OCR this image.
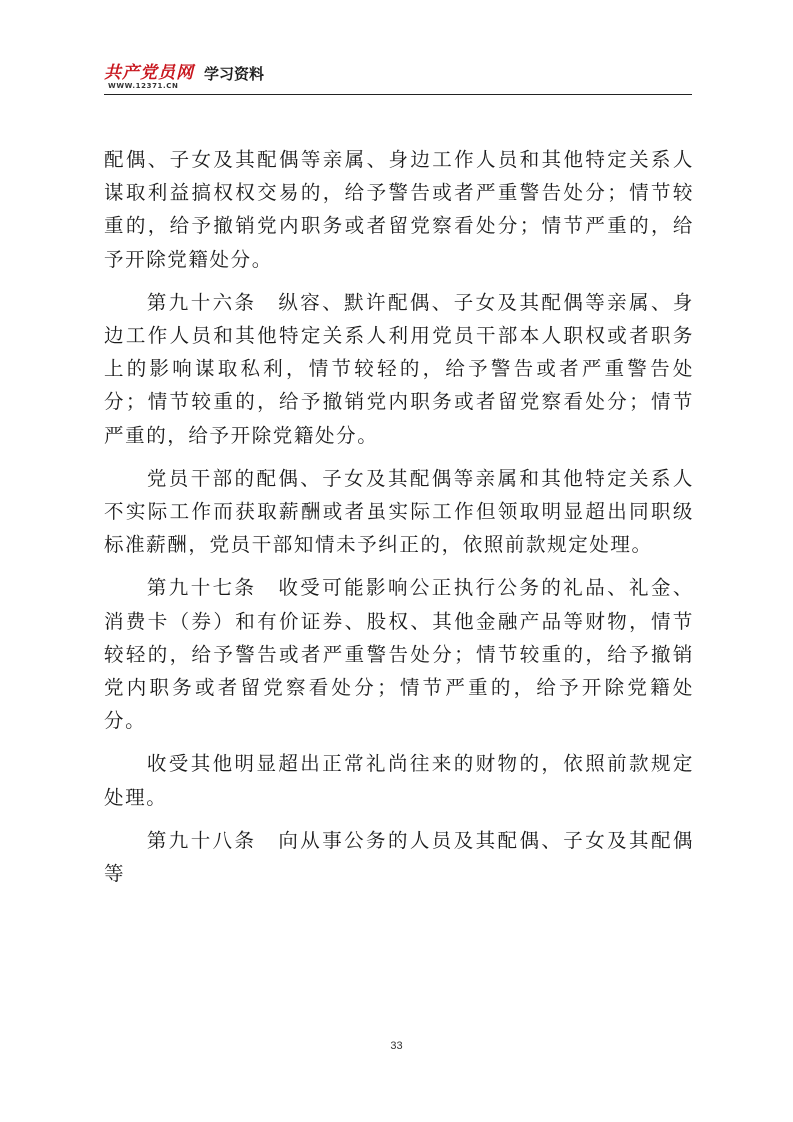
共产党员网
WWW.12371.CN
学习资料

配偶、子女及其配偶等亲属、身边工作人员和其他特定关系人谋取利益搞权权交易的，给予警告或者严重警告处分；情节较重的，给予撤销党内职务或者留党察看处分；情节严重的，给予开除党籍处分。

第九十六条　纵容、默许配偶、子女及其配偶等亲属、身边工作人员和其他特定关系人利用党员干部本人职权或者职务上的影响谋取私利，情节较轻的，给予警告或者严重警告处分；情节较重的，给予撤销党内职务或者留党察看处分；情节严重的，给予开除党籍处分。

党员干部的配偶、子女及其配偶等亲属和其他特定关系人不实际工作而获取薪酬或者虽实际工作但领取明显超出同职级标准薪酬，党员干部知情未予纠正的，依照前款规定处理。

第九十七条　收受可能影响公正执行公务的礼品、礼金、消费卡（券）和有价证券、股权、其他金融产品等财物，情节较轻的，给予警告或者严重警告处分；情节较重的，给予撤销党内职务或者留党察看处分；情节严重的，给予开除党籍处分。

收受其他明显超出正常礼尚往来的财物的，依照前款规定处理。

第九十八条　向从事公务的人员及其配偶、子女及其配偶等

33
